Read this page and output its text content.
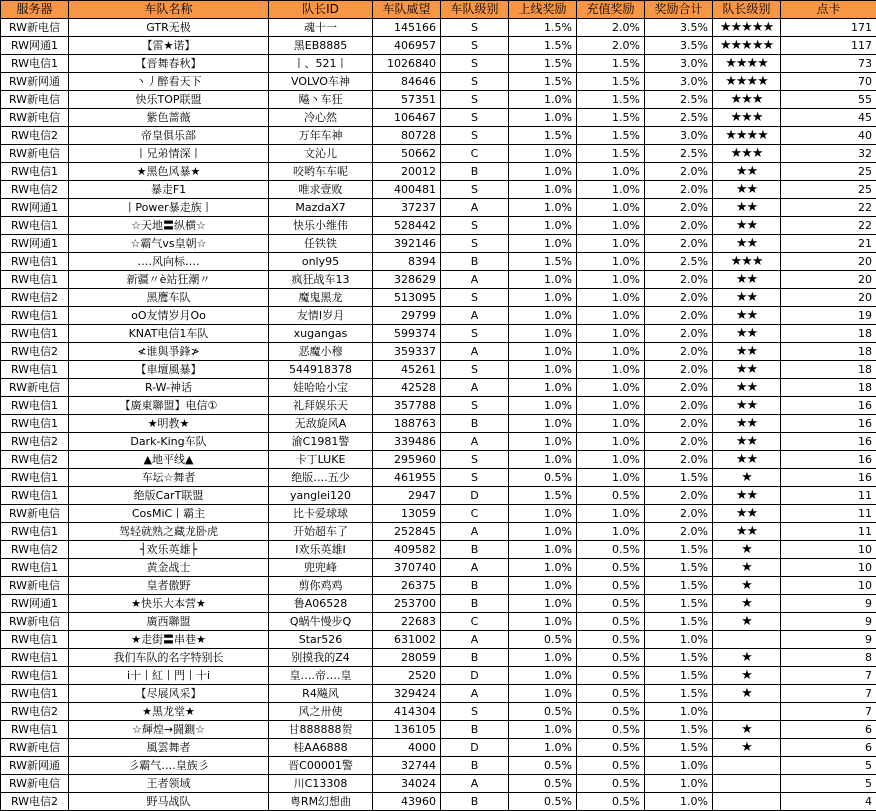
服务器	车队名称	队长ID	车队威望	车队级别	上线奖励	充值奖励	奖励合计	队长级别	点卡
RW新电信	GTR无极	魂十一	145166	S	1.5%	2.0%	3.5%	★★★★★	171
RW网通1	【雷★诺】	黑EB8885	406957	S	1.5%	2.0%	3.5%	★★★★★	117
RW电信1	【晋舞春秋】	丨、521丨	1026840	S	1.5%	1.5%	3.0%	★★★★	73
RW新网通	丶丿醉看天下	VOLVO车神	84646	S	1.5%	1.5%	3.0%	★★★★	70
RW新电信	快乐TOP联盟	飚丶车狂	57351	S	1.0%	1.5%	2.5%	★★★	55
RW新电信	紫色蔷薇	冷心然	106467	S	1.0%	1.5%	2.5%	★★★	45
RW电信2	帝皇俱乐部	万年车神	80728	S	1.5%	1.5%	3.0%	★★★★	40
RW新电信	丨兄弟情深丨	文沁儿	50662	C	1.0%	1.5%	2.5%	★★★	32
RW电信1	★黑色风暴★	咬哟车车呢	20012	B	1.0%	1.0%	2.0%	★★	25
RW电信2	暴走F1	唯求壹败	400481	S	1.0%	1.0%	2.0%	★★	25
RW网通1	丨Power暴走族丨	MazdaX7	37237	A	1.0%	1.0%	2.0%	★★	22
RW电信1	☆天地〓纵横☆	快乐小维伟	528442	S	1.0%	1.0%	2.0%	★★	22
RW网通1	☆霸气vs皇朝☆	任铁铁	392146	S	1.0%	1.0%	2.0%	★★	21
RW电信1	….风向标….	only95	8394	B	1.5%	1.0%	2.5%	★★★	20
RW电信1	新疆〃è站狂潮〃	疯狂战车13	328629	A	1.0%	1.0%	2.0%	★★	20
RW电信2	黑鹰车队	魔鬼黑龙	513095	S	1.0%	1.0%	2.0%	★★	20
RW电信1	oO友情岁月Oo	友情I岁月	29799	A	1.0%	1.0%	2.0%	★★	19
RW电信1	KNAT电信1车队	xugangas	599374	S	1.0%	1.0%	2.0%	★★	18
RW电信2	≮谁與爭鋒≯	恶魔小穆	359337	A	1.0%	1.0%	2.0%	★★	18
RW电信1	【車壇風暴】	544918378	45261	S	1.0%	1.0%	2.0%	★★	18
RW新电信	R-W-神话	娃哈哈小宝	42528	A	1.0%	1.0%	2.0%	★★	18
RW电信1	【廣東聯盟】电信①	礼拜娱乐天	357788	S	1.0%	1.0%	2.0%	★★	16
RW电信1	★明教★	无敌旋风A	188763	B	1.0%	1.0%	2.0%	★★	16
RW电信2	Dark-King车队	渝C1981警	339486	A	1.0%	1.0%	2.0%	★★	16
RW电信2	▲地平线▲	卡丁LUKE	295960	S	1.0%	1.0%	2.0%	★★	16
RW电信1	车坛☆舞者	绝版….五少	461955	S	0.5%	1.0%	1.5%	★	16
RW电信1	绝版CarT联盟	yanglei120	2947	D	1.5%	0.5%	2.0%	★★	11
RW新电信	CosMiC丨霸主	比卡爱球球	13059	C	1.0%	1.0%	2.0%	★★	11
RW电信1	驾轻就熟之藏龙卧虎	开始超车了	252845	A	1.0%	1.0%	2.0%	★★	11
RW电信2	┤欢乐英雄├	I欢乐英雄I	409582	B	1.0%	0.5%	1.5%	★	10
RW电信1	黄金战士	兜兜峰	370740	A	1.0%	0.5%	1.5%	★	10
RW新电信	皇者傲野	剪你鸡鸡	26375	B	1.0%	0.5%	1.5%	★	10
RW网通1	★快乐大本营★	鲁A06528	253700	B	1.0%	0.5%	1.5%	★	9
RW新电信	廣西聯盟	Q蜗牛慢步Q	22683	C	1.0%	0.5%	1.5%	★	9
RW电信1	★走街〓串巷★	Star526	631002	A	0.5%	0.5%	1.0%		9
RW电信1	我们车队的名字特别长	别摸我的Z4	28059	B	1.0%	0.5%	1.5%	★	8
RW电信1	i十丨紅丨門丨十i	皇….帝….皇	2520	D	1.0%	0.5%	1.5%	★	7
RW电信1	【尽展风采】	R4飚风	329424	A	1.0%	0.5%	1.5%	★	7
RW电信2	★黑龙堂★	风之卅使	414304	S	0.5%	0.5%	1.0%		7
RW电信1	☆輝煌→闘鍘☆	甘888888贺	136105	B	1.0%	0.5%	1.5%	★	6
RW新电信	風雲舞者	桂AA6888	4000	D	1.0%	0.5%	1.5%	★	6
RW新网通	彡霸气….皇族彡	晋C00001警	32744	B	0.5%	0.5%	1.0%		5
RW新电信	王者领域	川C13308	34024	A	0.5%	0.5%	1.0%		5
RW电信2	野马战队	粤RM幻想曲	43960	B	0.5%	0.5%	1.0%		4
